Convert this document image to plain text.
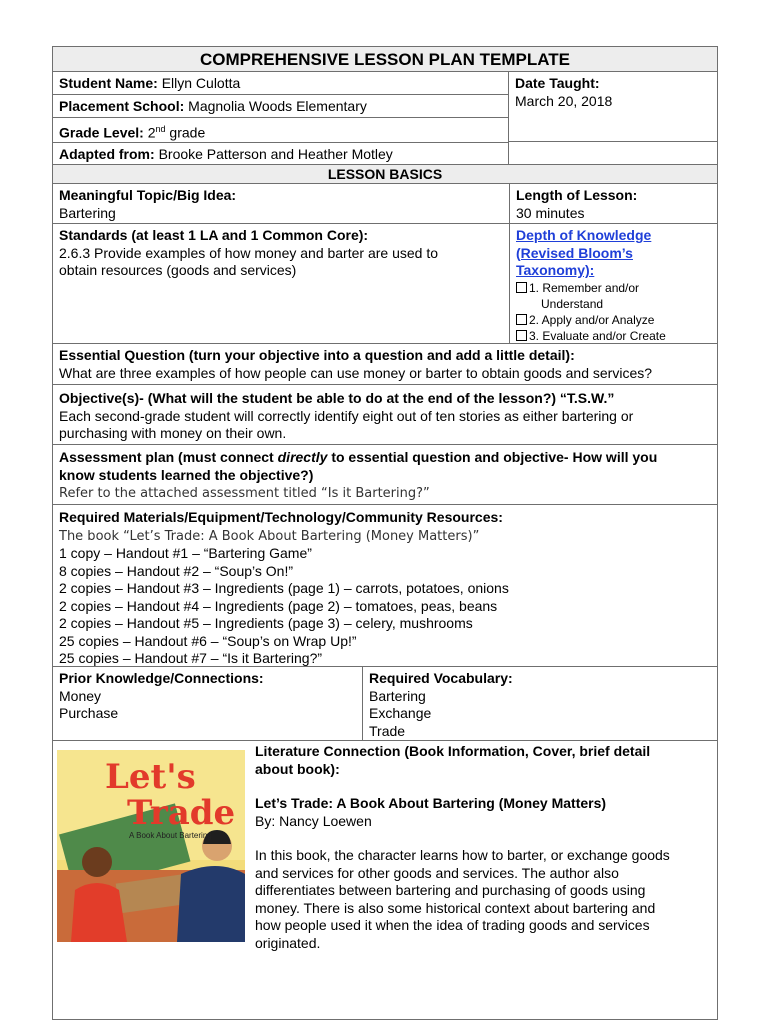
COMPREHENSIVE LESSON PLAN TEMPLATE
Student Name: Ellyn Culotta
Placement School: Magnolia Woods Elementary
Grade Level: 2nd grade
Adapted from: Brooke Patterson and Heather Motley
Date Taught:
March 20, 2018
LESSON BASICS
Meaningful Topic/Big Idea:
Bartering
Length of Lesson:
30 minutes
Standards (at least 1 LA and 1 Common Core):
2.6.3 Provide examples of how money and barter are used to
obtain resources (goods and services)
Depth of Knowledge
(Revised Bloom’s
Taxonomy):
1. Remember and/or
Understand
2. Apply and/or Analyze
3. Evaluate and/or Create
Essential Question (turn your objective into a question and add a little detail):
What are three examples of how people can use money or barter to obtain goods and services?
Objective(s)- (What will the student be able to do at the end of the lesson?) “T.S.W.”
Each second-grade student will correctly identify eight out of ten stories as either bartering or
purchasing with money on their own.
Assessment plan (must connect directly to essential question and objective- How will you
know students learned the objective?)
Refer to the attached assessment titled “Is it Bartering?”
Required Materials/Equipment/Technology/Community Resources:
The book “Let’s Trade: A Book About Bartering (Money Matters)”
1 copy – Handout #1 – “Bartering Game”
8 copies – Handout #2 – “Soup’s On!”
2 copies – Handout #3 – Ingredients (page 1) – carrots, potatoes, onions
2 copies – Handout #4 – Ingredients (page 2) – tomatoes, peas, beans
2 copies – Handout #5 – Ingredients (page 3) – celery, mushrooms
25 copies – Handout #6 – “Soup’s on Wrap Up!”
25 copies – Handout #7 – “Is it Bartering?”
Prior Knowledge/Connections:
Money
Purchase
Required Vocabulary:
Bartering
Exchange
Trade
Let's
Trade
A Book About Bartering
Literature Connection (Book Information, Cover, brief detail
about book):

Let’s Trade: A Book About Bartering (Money Matters)

By: Nancy Loewen

In this book, the character learns how to barter, or exchange goods
and services for other goods and services. The author also
differentiates between bartering and purchasing of goods using
money. There is also some historical context about bartering and
how people used it when the idea of trading goods and services
originated.
